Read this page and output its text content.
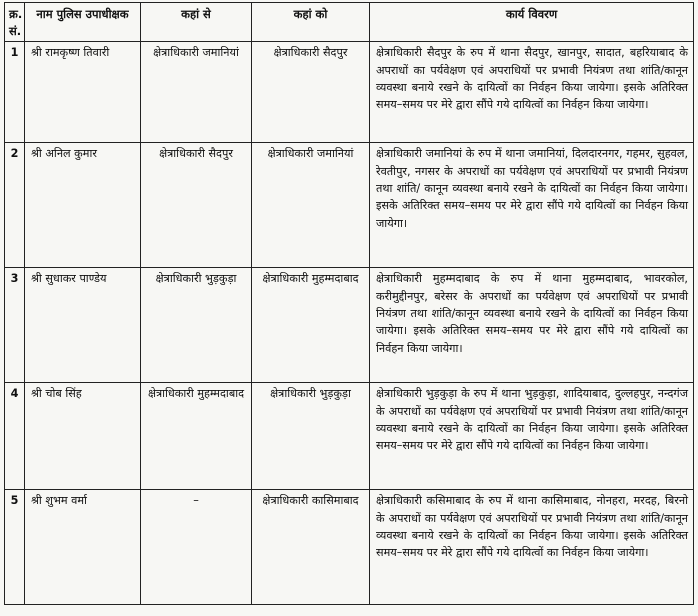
क्र. सं.	नाम पुलिस उपाधीक्षक	कहां से	कहां को	कार्य विवरण
1	श्री रामकृष्ण तिवारी	क्षेत्राधिकारी जमानियां	क्षेत्राधिकारी सैदपुर	क्षेत्राधिकारी सैदपुर के रुप में थाना सैदपुर, खानपुर, सादात, बहरियाबाद के अपराधों का पर्यवेक्षण एवं अपराधियों पर प्रभावी नियंत्रण तथा शांति/कानून व्यवस्था बनाये रखने के दायित्वों का निर्वहन किया जायेगा। इसके अतिरिक्त समय–समय पर मेरे द्वारा सौंपे गये दायित्वों का निर्वहन किया जायेगा।
2	श्री अनिल कुमार	क्षेत्राधिकारी सैदपुर	क्षेत्राधिकारी जमानियां	क्षेत्राधिकारी जमानियां के रुप में थाना जमानियां, दिलदारनगर, गहमर, सुहवल, रेवतीपुर, नगसर के अपराधों का पर्यवेक्षण एवं अपराधियों पर प्रभावी नियंत्रण तथा शांति/ कानून व्यवस्था बनाये रखने के दायित्वों का निर्वहन किया जायेगा। इसके अतिरिक्त समय–समय पर मेरे द्वारा सौंपे गये दायित्वों का निर्वहन किया जायेगा।
3	श्री सुधाकर पाण्डेय	क्षेत्राधिकारी भुड़कुड़ा	क्षेत्राधिकारी मुहम्मदाबाद	क्षेत्राधिकारी मुहम्मदाबाद के रुप में थाना मुहम्मदाबाद, भावरकोल, करीमुद्दीनपुर, बरेसर के अपराधों का पर्यवेक्षण एवं अपराधियों पर प्रभावी नियंत्रण तथा शांति/कानून व्यवस्था बनाये रखने के दायित्वों का निर्वहन किया जायेगा। इसके अतिरिक्त समय–समय पर मेरे द्वारा सौंपे गये दायित्वों का निर्वहन किया जायेगा।
4	श्री चोब सिंह	क्षेत्राधिकारी मुहम्मदाबाद	क्षेत्राधिकारी भुड़कुड़ा	क्षेत्राधिकारी भुड़कुड़ा के रुप में थाना भुड़कुड़ा, शादियाबाद, दुल्लहपुर, नन्दगंज के अपराधों का पर्यवेक्षण एवं अपराधियों पर प्रभावी नियंत्रण तथा शांति/कानून व्यवस्था बनाये रखने के दायित्वों का निर्वहन किया जायेगा। इसके अतिरिक्त समय–समय पर मेरे द्वारा सौंपे गये दायित्वों का निर्वहन किया जायेगा।
5	श्री शुभम वर्मा	–	क्षेत्राधिकारी कासिमाबाद	क्षेत्राधिकारी कसिमाबाद के रुप में थाना कासिमाबाद, नोनहरा, मरदह, बिरनो के अपराधों का पर्यवेक्षण एवं अपराधियों पर प्रभावी नियंत्रण तथा शांति/कानून व्यवस्था बनाये रखने के दायित्वों का निर्वहन किया जायेगा। इसके अतिरिक्त समय–समय पर मेरे द्वारा सौंपे गये दायित्वों का निर्वहन किया जायेगा।
